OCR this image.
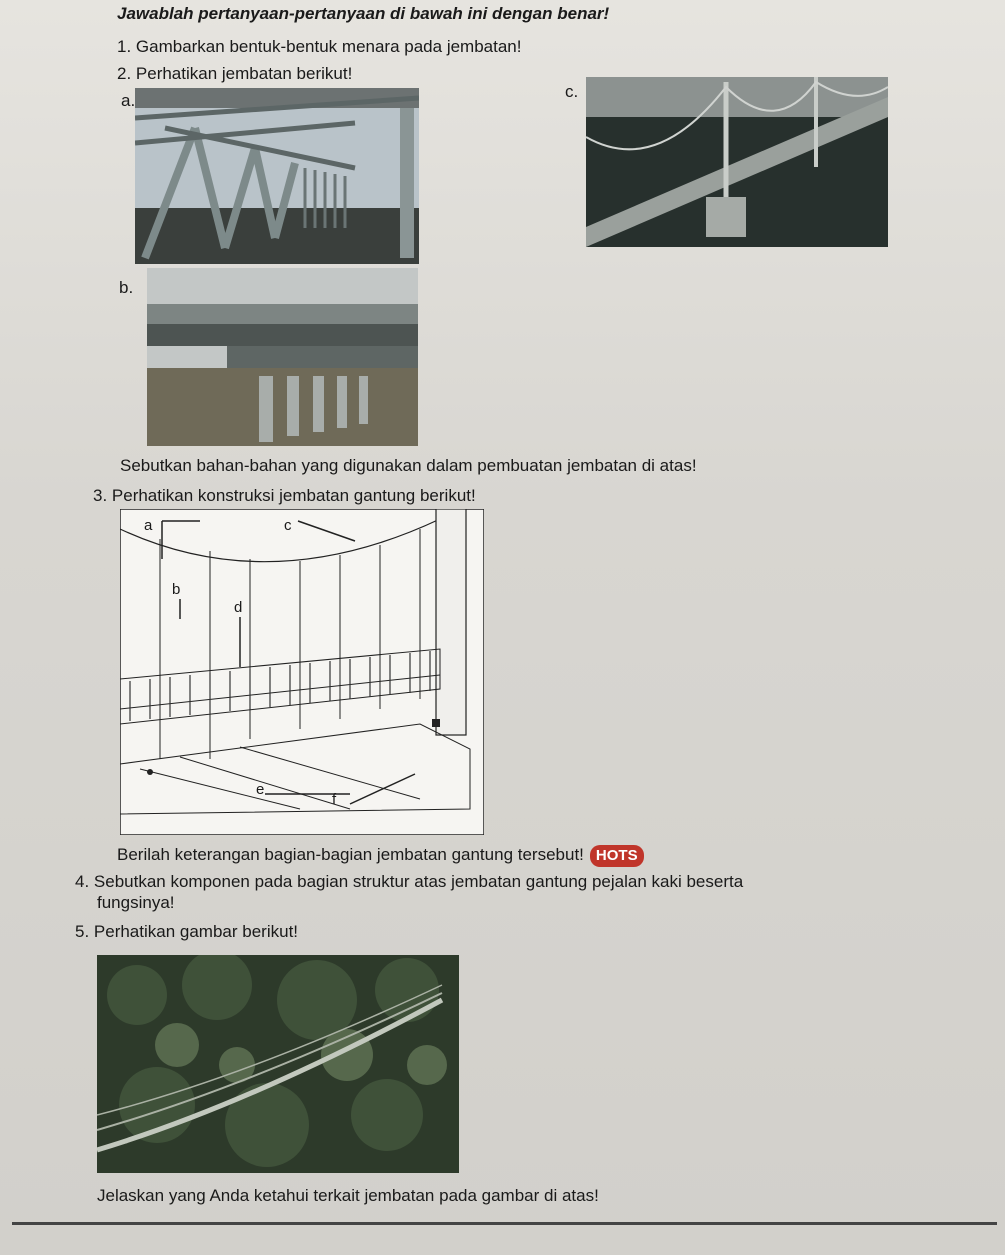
Jawablah pertanyaan-pertanyaan di bawah ini dengan benar!
1. Gambarkan bentuk-bentuk menara pada jembatan!
2. Perhatikan jembatan berikut!
a.	c.
b.
Sebutkan bahan-bahan yang digunakan dalam pembuatan jembatan di atas!
3. Perhatikan konstruksi jembatan gantung berikut!
a	c
b
d
e
f
Berilah keterangan bagian-bagian jembatan gantung tersebut! HOTS
4. Sebutkan komponen pada bagian struktur atas jembatan gantung pejalan kaki beserta
fungsinya!
5. Perhatikan gambar berikut!
Jelaskan yang Anda ketahui terkait jembatan pada gambar di atas!
